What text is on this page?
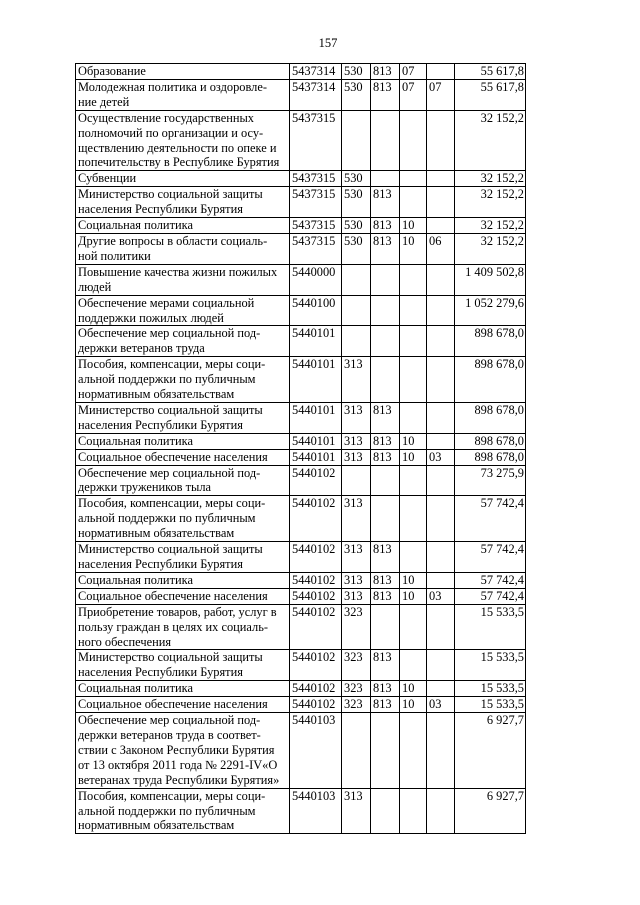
157
Образование	5437314	530	813	07		55 617,8
Молодежная политика и оздоровле-
ние детей	5437314	530	813	07	07	55 617,8
Осуществление государственных
полномочий по организации и осу-
ществлению деятельности по опеке и
попечительству в Республике Бурятия	5437315					32 152,2
Субвенции	5437315	530				32 152,2
Министерство социальной защиты
населения Республики Бурятия	5437315	530	813			32 152,2
Социальная политика	5437315	530	813	10		32 152,2
Другие вопросы в области социаль-
ной политики	5437315	530	813	10	06	32 152,2
Повышение качества жизни пожилых
людей	5440000					1 409 502,8
Обеспечение мерами социальной
поддержки пожилых людей	5440100					1 052 279,6
Обеспечение мер социальной под-
держки ветеранов труда	5440101					898 678,0
Пособия, компенсации, меры соци-
альной поддержки по публичным
нормативным обязательствам	5440101	313				898 678,0
Министерство социальной защиты
населения Республики Бурятия	5440101	313	813			898 678,0
Социальная политика	5440101	313	813	10		898 678,0
Социальное обеспечение населения	5440101	313	813	10	03	898 678,0
Обеспечение мер социальной под-
держки тружеников тыла	5440102					73 275,9
Пособия, компенсации, меры соци-
альной поддержки по публичным
нормативным обязательствам	5440102	313				57 742,4
Министерство социальной защиты
населения Республики Бурятия	5440102	313	813			57 742,4
Социальная политика	5440102	313	813	10		57 742,4
Социальное обеспечение населения	5440102	313	813	10	03	57 742,4
Приобретение товаров, работ, услуг в
пользу граждан в целях их социаль-
ного обеспечения	5440102	323				15 533,5
Министерство социальной защиты
населения Республики Бурятия	5440102	323	813			15 533,5
Социальная политика	5440102	323	813	10		15 533,5
Социальное обеспечение населения	5440102	323	813	10	03	15 533,5
Обеспечение мер социальной под-
держки ветеранов труда в соответ-
ствии с Законом Республики Бурятия
от 13 октября 2011 года № 2291-IV«О
ветеранах труда Республики Бурятия»	5440103					6 927,7
Пособия, компенсации, меры соци-
альной поддержки по публичным
нормативным обязательствам	5440103	313				6 927,7
